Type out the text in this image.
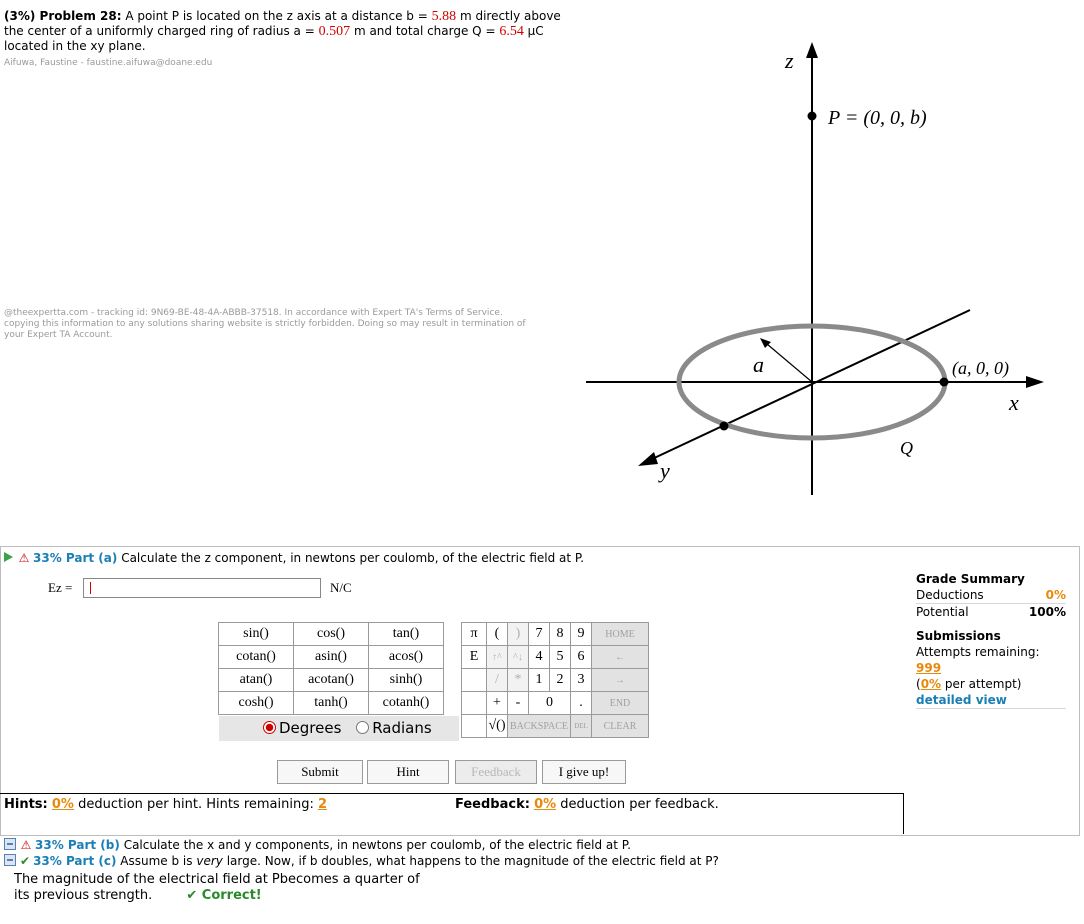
(3%) Problem 28: A point P is located on the z axis at a distance b = 5.88 m directly above
the center of a uniformly charged ring of radius a = 0.507 m and total charge Q = 6.54 μC
located in the xy plane.
Aifuwa, Faustine - faustine.aifuwa@doane.edu
@theexpertta.com - tracking id: 9N69-BE-48-4A-ABBB-37518. In accordance with Expert TA's Terms of Service. copying this information to any solutions sharing website is strictly forbidden. Doing so may result in termination of your Expert TA Account.
z
x
y
P = (0, 0, b)
a	(a, 0, 0)
Q
⚠ 33% Part (a) Calculate the z component, in newtons per coulomb, of the electric field at P.
Ez =	N/C
sin()	cos()	tan()
cotan()	asin()	acos()
atan()	acotan()	sinh()
cosh()	tanh()	cotanh()
Degrees Radians
π	(	)	7	8	9	HOME
E	↑^	^↓	4	5	6	←
	/	*	1	2	3	→
	+	-	0		.	END
	√()	BACKSPACE			DEL	CLEAR
Submit	Hint	Feedback	I give up!
Hints: 0% deduction per hint. Hints remaining: 2	Feedback: 0% deduction per feedback.
Grade Summary
Deductions	0%
Potential	100%
Submissions
Attempts remaining: 999
(0% per attempt)
detailed view
⚠ 33% Part (b) Calculate the x and y components, in newtons per coulomb, of the electric field at P.
✔ 33% Part (c) Assume b is very large. Now, if b doubles, what happens to the magnitude of the electric field at P?
The magnitude of the electrical field at Pbecomes a quarter of its previous strength.	✔ Correct!
